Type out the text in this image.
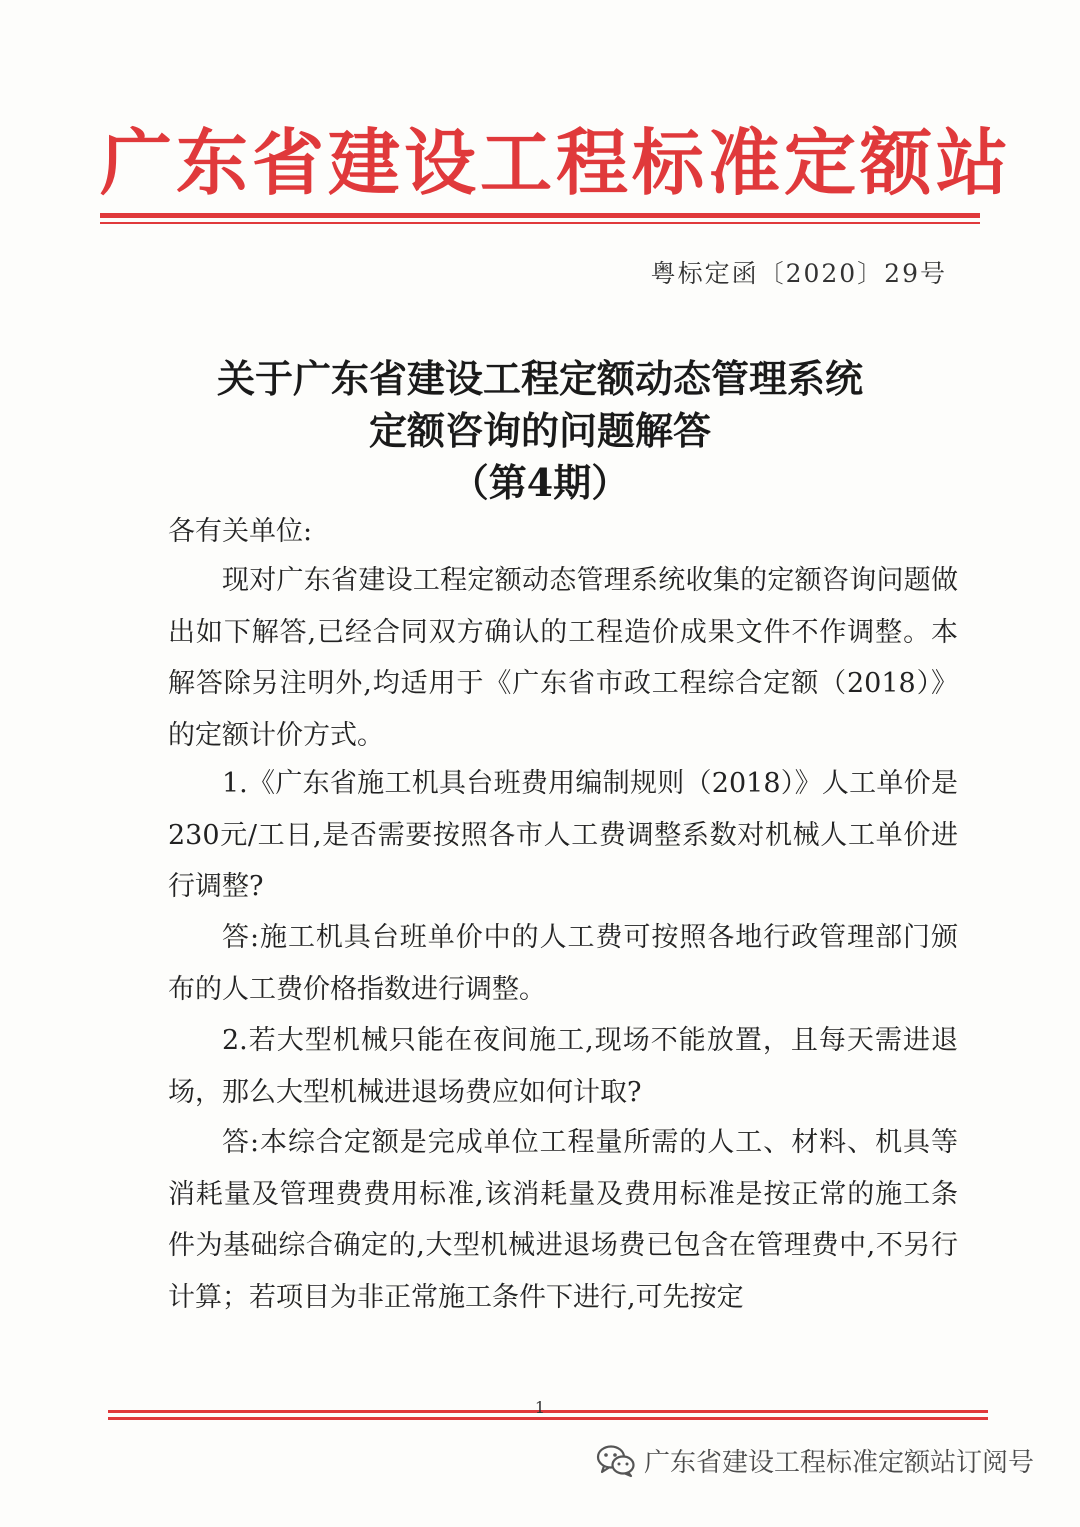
广东省建设工程标准定额站
粤标定函〔2020〕29号
关于广东省建设工程定额动态管理系统
定额咨询的问题解答
（第4期）
各有关单位:
现对广东省建设工程定额动态管理系统收集的定额咨询问题做出如下解答,已经合同双方确认的工程造价成果文件不作调整。本解答除另注明外,均适用于《广东省市政工程综合定额（2018）》的定额计价方式。
1.《广东省施工机具台班费用编制规则（2018）》人工单价是230元/工日,是否需要按照各市人工费调整系数对机械人工单价进行调整?
答:施工机具台班单价中的人工费可按照各地行政管理部门颁布的人工费价格指数进行调整。
2.若大型机械只能在夜间施工,现场不能放置，且每天需进退场，那么大型机械进退场费应如何计取?
答:本综合定额是完成单位工程量所需的人工、材料、机具等消耗量及管理费费用标准,该消耗量及费用标准是按正常的施工条件为基础综合确定的,大型机械进退场费已包含在管理费中,不另行计算；若项目为非正常施工条件下进行,可先按定
1
广东省建设工程标准定额站订阅号
